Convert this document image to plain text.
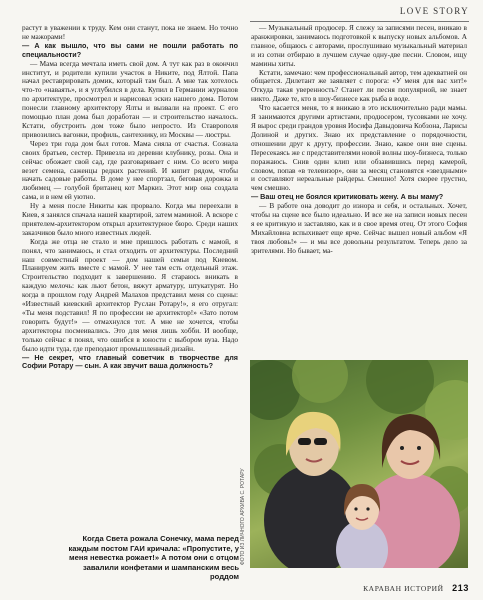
LOVE STORY

растут в уважении к труду. Кем они станут, пока не знаем. Но точно не мажорами!

— А как вышло, что вы сами не пошли работать по специальности?

— Мама всегда мечтала иметь свой дом. А тут как раз в окончил институт, и родители купили участок в Никите, под Ялтой. Папа начал реставрировать домик, который там был. А мне так хотелось что-то «наваять», и я углубился в дела. Купил в Германии журналов по архитектуре, просмотрел и нарисовал эскиз нашего дома. Потом понесли главному архитектору Ялты и вызвали на проект. С его помощью план дома был доработан — и строительство началось. Кстати, обустроить дом тоже было непросто. Из Ставрополя привозились вагонки, профиль, сантехнику, из Москвы — люстры.

Через три года дом был готов. Мама сияла от счастья. Сознала своих братьев, сестер. Привезла из деревни клубнику, розы. Она и сейчас обожает свой сад, где разговаривает с ним. Со всего мира везет семена, саженцы редких растений. И кипит рядом, чтобы начать садовые работы. В доме у нее спортзал, беговая дорожка и любимец — голубой британец кот Маркиз. Этот мир она создала сама, и в нем ей уютно.

Ну а меня после Никиты как прорвало. Когда мы переехали в Киев, я занялся спачала нашей квартирой, затем маминой. А вскоре с приятелем-архитектором открыл архитектурное бюро. Среди наших заказчиков было много известных людей.

Когда же отца не стало и мне пришлось работать с мамой, я понял, что занимаюсь, и стал отходить от архитектуры. Последний наш совместный проект — дом нашей семьи под Киевом. Планируем жить вместе с мамой. У нее там есть отдельный этаж. Строительство подходит к завершению. Я стараюсь вникать в каждую мелочь: как льют бетон, вяжут арматуру, штукатурят. Но когда в прошлом году Андрей Малахов представил меня со сцены: «Известный киевский архитектор Руслан Ротару!», я его отругал: «Ты меня подставил! Я по профессии не архитектор!» «Зато потом говорить будут!» — отмахнулся тот. А мне не хочется, чтобы архитекторы посмеивались. Это для меня лишь хобби. И вообще, только сейчас я понял, что ошибся в юности с выбором вуза. Надо было идти туда, где преподают промышленный дизайн.

— Не секрет, что главный советчик в творчестве для Софии Ротару — сын. А как звучит ваша должность?

— Музыкальный продюсер. Я слежу за записями песен, вникаю в аранжировки, занимаюсь подготовкой к выпуску новых альбомов. А главное, общаюсь с авторами, прослушиваю музыкальный материал и из сотни отбираю в лучшем случае одну-две песни. Словом, ищу мамины хиты.

Кстати, замечаю: чем профессиональный автор, тем адекватней он общается. Дилетант же заявляет с порога: «У меня для вас хит!» Откуда такая уверенность? Станет ли песня популярной, не знает никто. Даже те, кто в шоу-бизнесе как рыба в воде.

Что касается меня, то я вникаю в это исключительно ради мамы. Я занимаются другими артистами, продюсером, тусовками не хочу. Я вырос среди грандов уровня Иосифа Давыдовича Кобзона, Ларисы Долиной и других. Знаю их представление о порядочности, отношении друг к другу, профессии. Знаю, какое они вне сцены. Пересекаясь же с представителями новой волны шоу-бизнеса, только поражаюсь. Снив один клип или обзавившись перед камерой, словом, попав «в телевизор», они за месяц становятся «звездными» и составляют нереальные райдеры. Смешно! Хотя скорее грустно, чем смешно.

— Ваш отец не боялся критиковать жену. А вы маму?

— В работе она доводит до изнора и себя, и остальных. Хочет, чтобы на сцене все было идеально. И все же на записи новых песен я ее критикую и заставляю, как и в свое время отец. От этого София Михайловна вспыхивает еще ярче. Сейчас вышел новый альбом «Я твоя любовь!» — и мы все довольны результатом. Теперь дело за зрителями. Но бывает, ма-

ФОТО ИЗ ЛИЧНОГО АРХИВА С. РОТАРУ
Когда Света рожала Сонечку, мама перед каждым постом ГАИ кричала: «Пропустите, у меня невестка рожает!» А потом они с отцом завалили конфетами и шампанским весь роддом
КАРАВАН ИСТОРИЙ 213
